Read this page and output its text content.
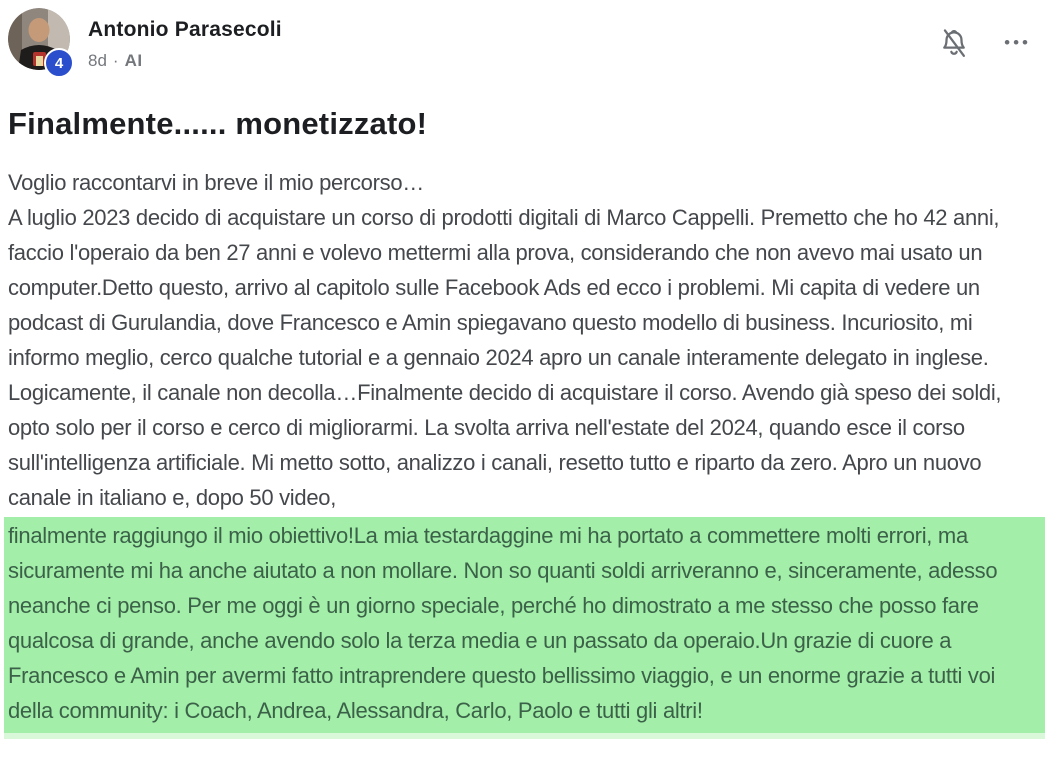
4
Antonio Parasecoli
8d · AI
•••
Finalmente...... monetizzato!

Voglio raccontarvi in breve il mio percorso…

A luglio 2023 decido di acquistare un corso di prodotti digitali di Marco Cappelli. Premetto che ho 42 anni, faccio l'operaio da ben 27 anni e volevo mettermi alla prova, considerando che non avevo mai usato un computer.Detto questo, arrivo al capitolo sulle Facebook Ads ed ecco i problemi. Mi capita di vedere un podcast di Gurulandia, dove Francesco e Amin spiegavano questo modello di business. Incuriosito, mi informo meglio, cerco qualche tutorial e a gennaio 2024 apro un canale interamente delegato in inglese. Logicamente, il canale non decolla…Finalmente decido di acquistare il corso. Avendo già speso dei soldi, opto solo per il corso e cerco di migliorarmi. La svolta arriva nell'estate del 2024, quando esce il corso sull'intelligenza artificiale. Mi metto sotto, analizzo i canali, resetto tutto e riparto da zero. Apro un nuovo canale in italiano e, dopo 50 video,

finalmente raggiungo il mio obiettivo!La mia testardaggine mi ha portato a commettere molti errori, ma sicuramente mi ha anche aiutato a non mollare. Non so quanti soldi arriveranno e, sinceramente, adesso neanche ci penso. Per me oggi è un giorno speciale, perché ho dimostrato a me stesso che posso fare qualcosa di grande, anche avendo solo la terza media e un passato da operaio.Un grazie di cuore a Francesco e Amin per avermi fatto intraprendere questo bellissimo viaggio, e un enorme grazie a tutti voi della community: i Coach, Andrea, Alessandra, Carlo, Paolo e tutti gli altri!
